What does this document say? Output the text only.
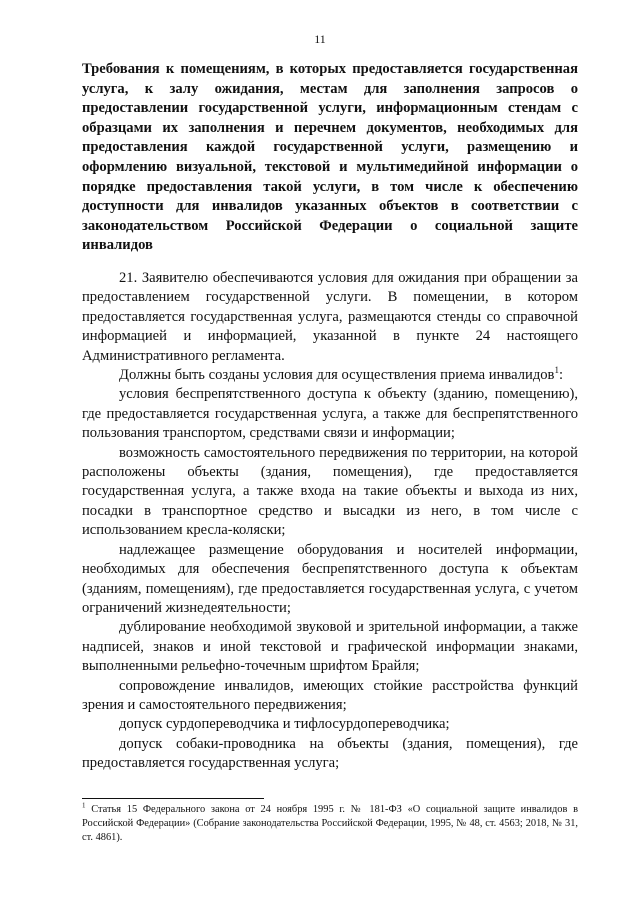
11
Требования к помещениям, в которых предоставляется государственная услуга, к залу ожидания, местам для заполнения запросов о предоставлении государственной услуги, информационным стендам с образцами их заполнения и перечнем документов, необходимых для предоставления каждой государственной услуги, размещению и оформлению визуальной, текстовой и мультимедийной информации о порядке предоставления такой услуги, в том числе к обеспечению доступности для инвалидов указанных объектов в соответствии с законодательством Российской Федерации о социальной защите инвалидов

21. Заявителю обеспечиваются условия для ожидания при обращении за предоставлением государственной услуги. В помещении, в котором предоставляется государственная услуга, размещаются стенды со справочной информацией и информацией, указанной в пункте 24 настоящего Административного регламента.

Должны быть созданы условия для осуществления приема инвалидов$^1$:

условия беспрепятственного доступа к объекту (зданию, помещению), где предоставляется государственная услуга, а также для беспрепятственного пользования транспортом, средствами связи и информации;

возможность самостоятельного передвижения по территории, на которой расположены объекты (здания, помещения), где предоставляется государственная услуга, а также входа на такие объекты и выхода из них, посадки в транспортное средство и высадки из него, в том числе с использованием кресла-коляски;

надлежащее размещение оборудования и носителей информации, необходимых для обеспечения беспрепятственного доступа к объектам (зданиям, помещениям), где предоставляется государственная услуга, с учетом ограничений жизнедеятельности;

дублирование необходимой звуковой и зрительной информации, а также надписей, знаков и иной текстовой и графической информации знаками, выполненными рельефно-точечным шрифтом Брайля;

сопровождение инвалидов, имеющих стойкие расстройства функций зрения и самостоятельного передвижения;

допуск сурдопереводчика и тифлосурдопереводчика;

допуск собаки-проводника на объекты (здания, помещения), где предоставляется государственная услуга;

$^1$ Статья 15 Федерального закона от 24 ноября 1995 г. № 181-ФЗ «О социальной защите инвалидов в Российской Федерации» (Собрание законодательства Российской Федерации, 1995, № 48, ст. 4563; 2018, № 31, ст. 4861).
